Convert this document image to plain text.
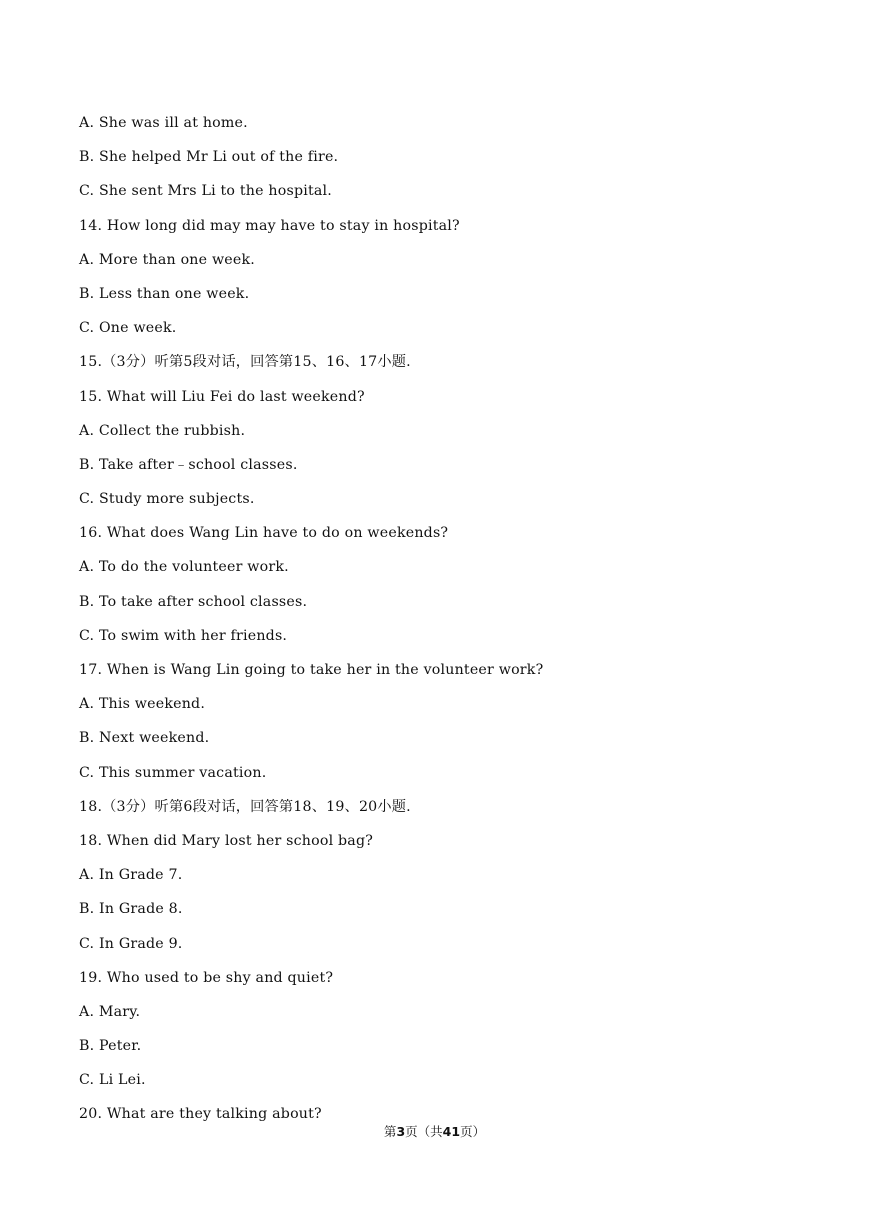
A. She was ill at home.
B. She helped Mr Li out of the fire.
C. She sent Mrs Li to the hospital.
14. How long did may may have to stay in hospital?
A. More than one week.
B. Less than one week.
C. One week.
15.（3分）听第5段对话，回答第15、16、17小题.
15. What will Liu Fei do last weekend?
A. Collect the rubbish.
B. Take after﹣school classes.
C. Study more subjects.
16. What does Wang Lin have to do on weekends?
A. To do the volunteer work.
B. To take after school classes.
C. To swim with her friends.
17. When is Wang Lin going to take her in the volunteer work?
A. This weekend.
B. Next weekend.
C. This summer vacation.
18.（3分）听第6段对话，回答第18、19、20小题.
18. When did Mary lost her school bag?
A. In Grade 7.
B. In Grade 8.
C. In Grade 9.
19. Who used to be shy and quiet?
A. Mary.
B. Peter.
C. Li Lei.
20. What are they talking about?
第3页（共41页）
